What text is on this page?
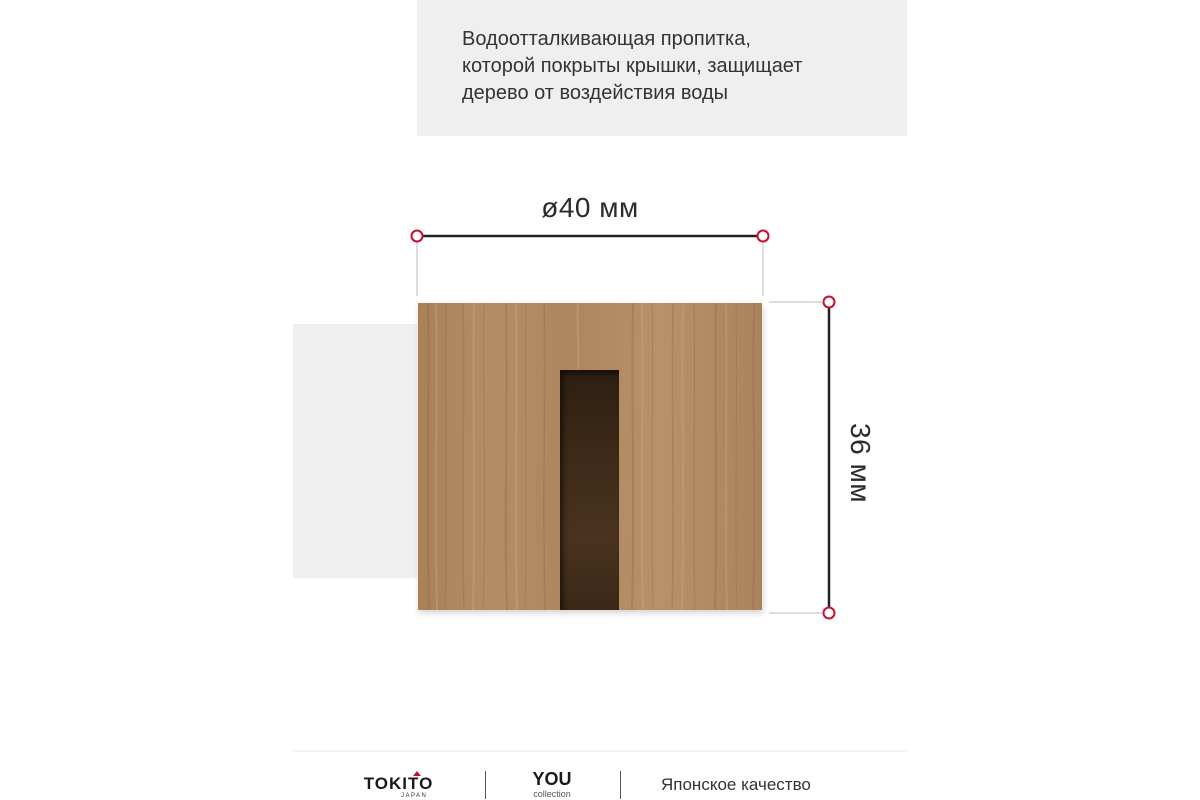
Водоотталкивающая пропитка,
которой покрыты крышки, защищает
дерево от воздействия воды

ø40 мм
36 мм
TOKITO
JAPAN
YOU
collection	Японское качество
